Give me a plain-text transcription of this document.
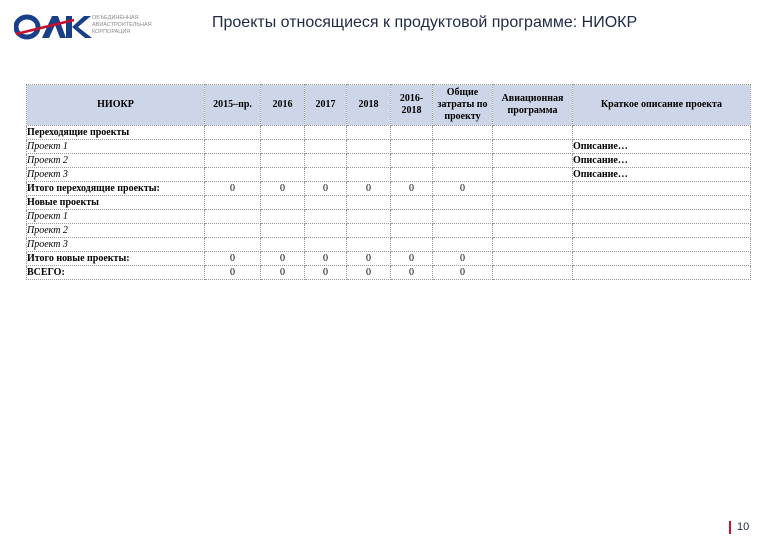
ОБЪЕДИНЁННАЯ
АВИАСТРОИТЕЛЬНАЯ
КОРПОРАЦИЯ
Проекты относящиеся к продуктовой программе: НИОКР
НИОКР	2015–пр.	2016	2017	2018	2016-2018	Общие затраты по проекту	Авиационная программа	Краткое описание проекта
Переходящие проекты								
Проект 1								Описание…
Проект 2								Описание…
Проект 3								Описание…
Итого переходящие проекты:	0	0	0	0	0	0		
Новые проекты								
Проект 1								
Проект 2								
Проект 3								
Итого новые проекты:	0	0	0	0	0	0		
ВСЕГО:	0	0	0	0	0	0		
10
